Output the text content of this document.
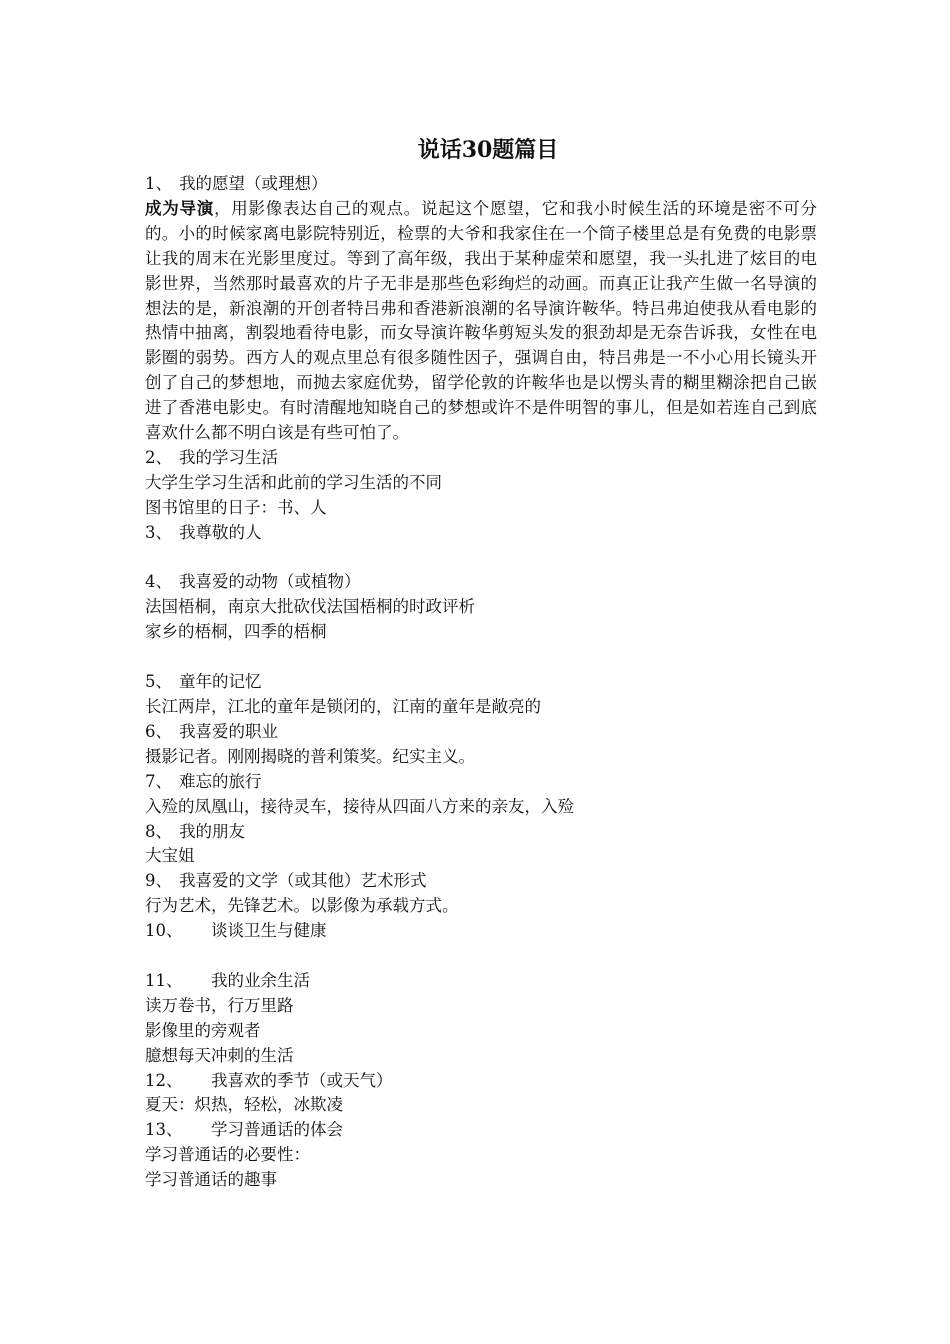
说话30题篇目

1、 我的愿望（或理想）

成为导演，用影像表达自己的观点。说起这个愿望，它和我小时候生活的环境是密不可分的。小的时候家离电影院特别近，检票的大爷和我家住在一个筒子楼里总是有免费的电影票让我的周末在光影里度过。等到了高年级，我出于某种虚荣和愿望，我一头扎进了炫目的电影世界，当然那时最喜欢的片子无非是那些色彩绚烂的动画。而真正让我产生做一名导演的想法的是，新浪潮的开创者特吕弗和香港新浪潮的名导演许鞍华。特吕弗迫使我从看电影的热情中抽离，割裂地看待电影，而女导演许鞍华剪短头发的狠劲却是无奈告诉我，女性在电影圈的弱势。西方人的观点里总有很多随性因子，强调自由，特吕弗是一不小心用长镜头开创了自己的梦想地，而抛去家庭优势，留学伦敦的许鞍华也是以愣头青的糊里糊涂把自己嵌进了香港电影史。有时清醒地知晓自己的梦想或许不是件明智的事儿，但是如若连自己到底喜欢什么都不明白该是有些可怕了。

2、 我的学习生活

大学生学习生活和此前的学习生活的不同

图书馆里的日子：书、人

3、 我尊敬的人

4、 我喜爱的动物（或植物）

法国梧桐，南京大批砍伐法国梧桐的时政评析

家乡的梧桐，四季的梧桐

5、 童年的记忆

长江两岸，江北的童年是锁闭的，江南的童年是敞亮的

6、 我喜爱的职业

摄影记者。刚刚揭晓的普利策奖。纪实主义。

7、 难忘的旅行

入殓的凤凰山，接待灵车，接待从四面八方来的亲友，入殓

8、 我的朋友

大宝姐

9、 我喜爱的文学（或其他）艺术形式

行为艺术，先锋艺术。以影像为承载方式。

10、 谈谈卫生与健康

11、 我的业余生活

读万卷书，行万里路

影像里的旁观者

臆想每天冲刺的生活

12、 我喜欢的季节（或天气）

夏天：炽热，轻松，冰欺凌

13、 学习普通话的体会

学习普通话的必要性：

学习普通话的趣事
